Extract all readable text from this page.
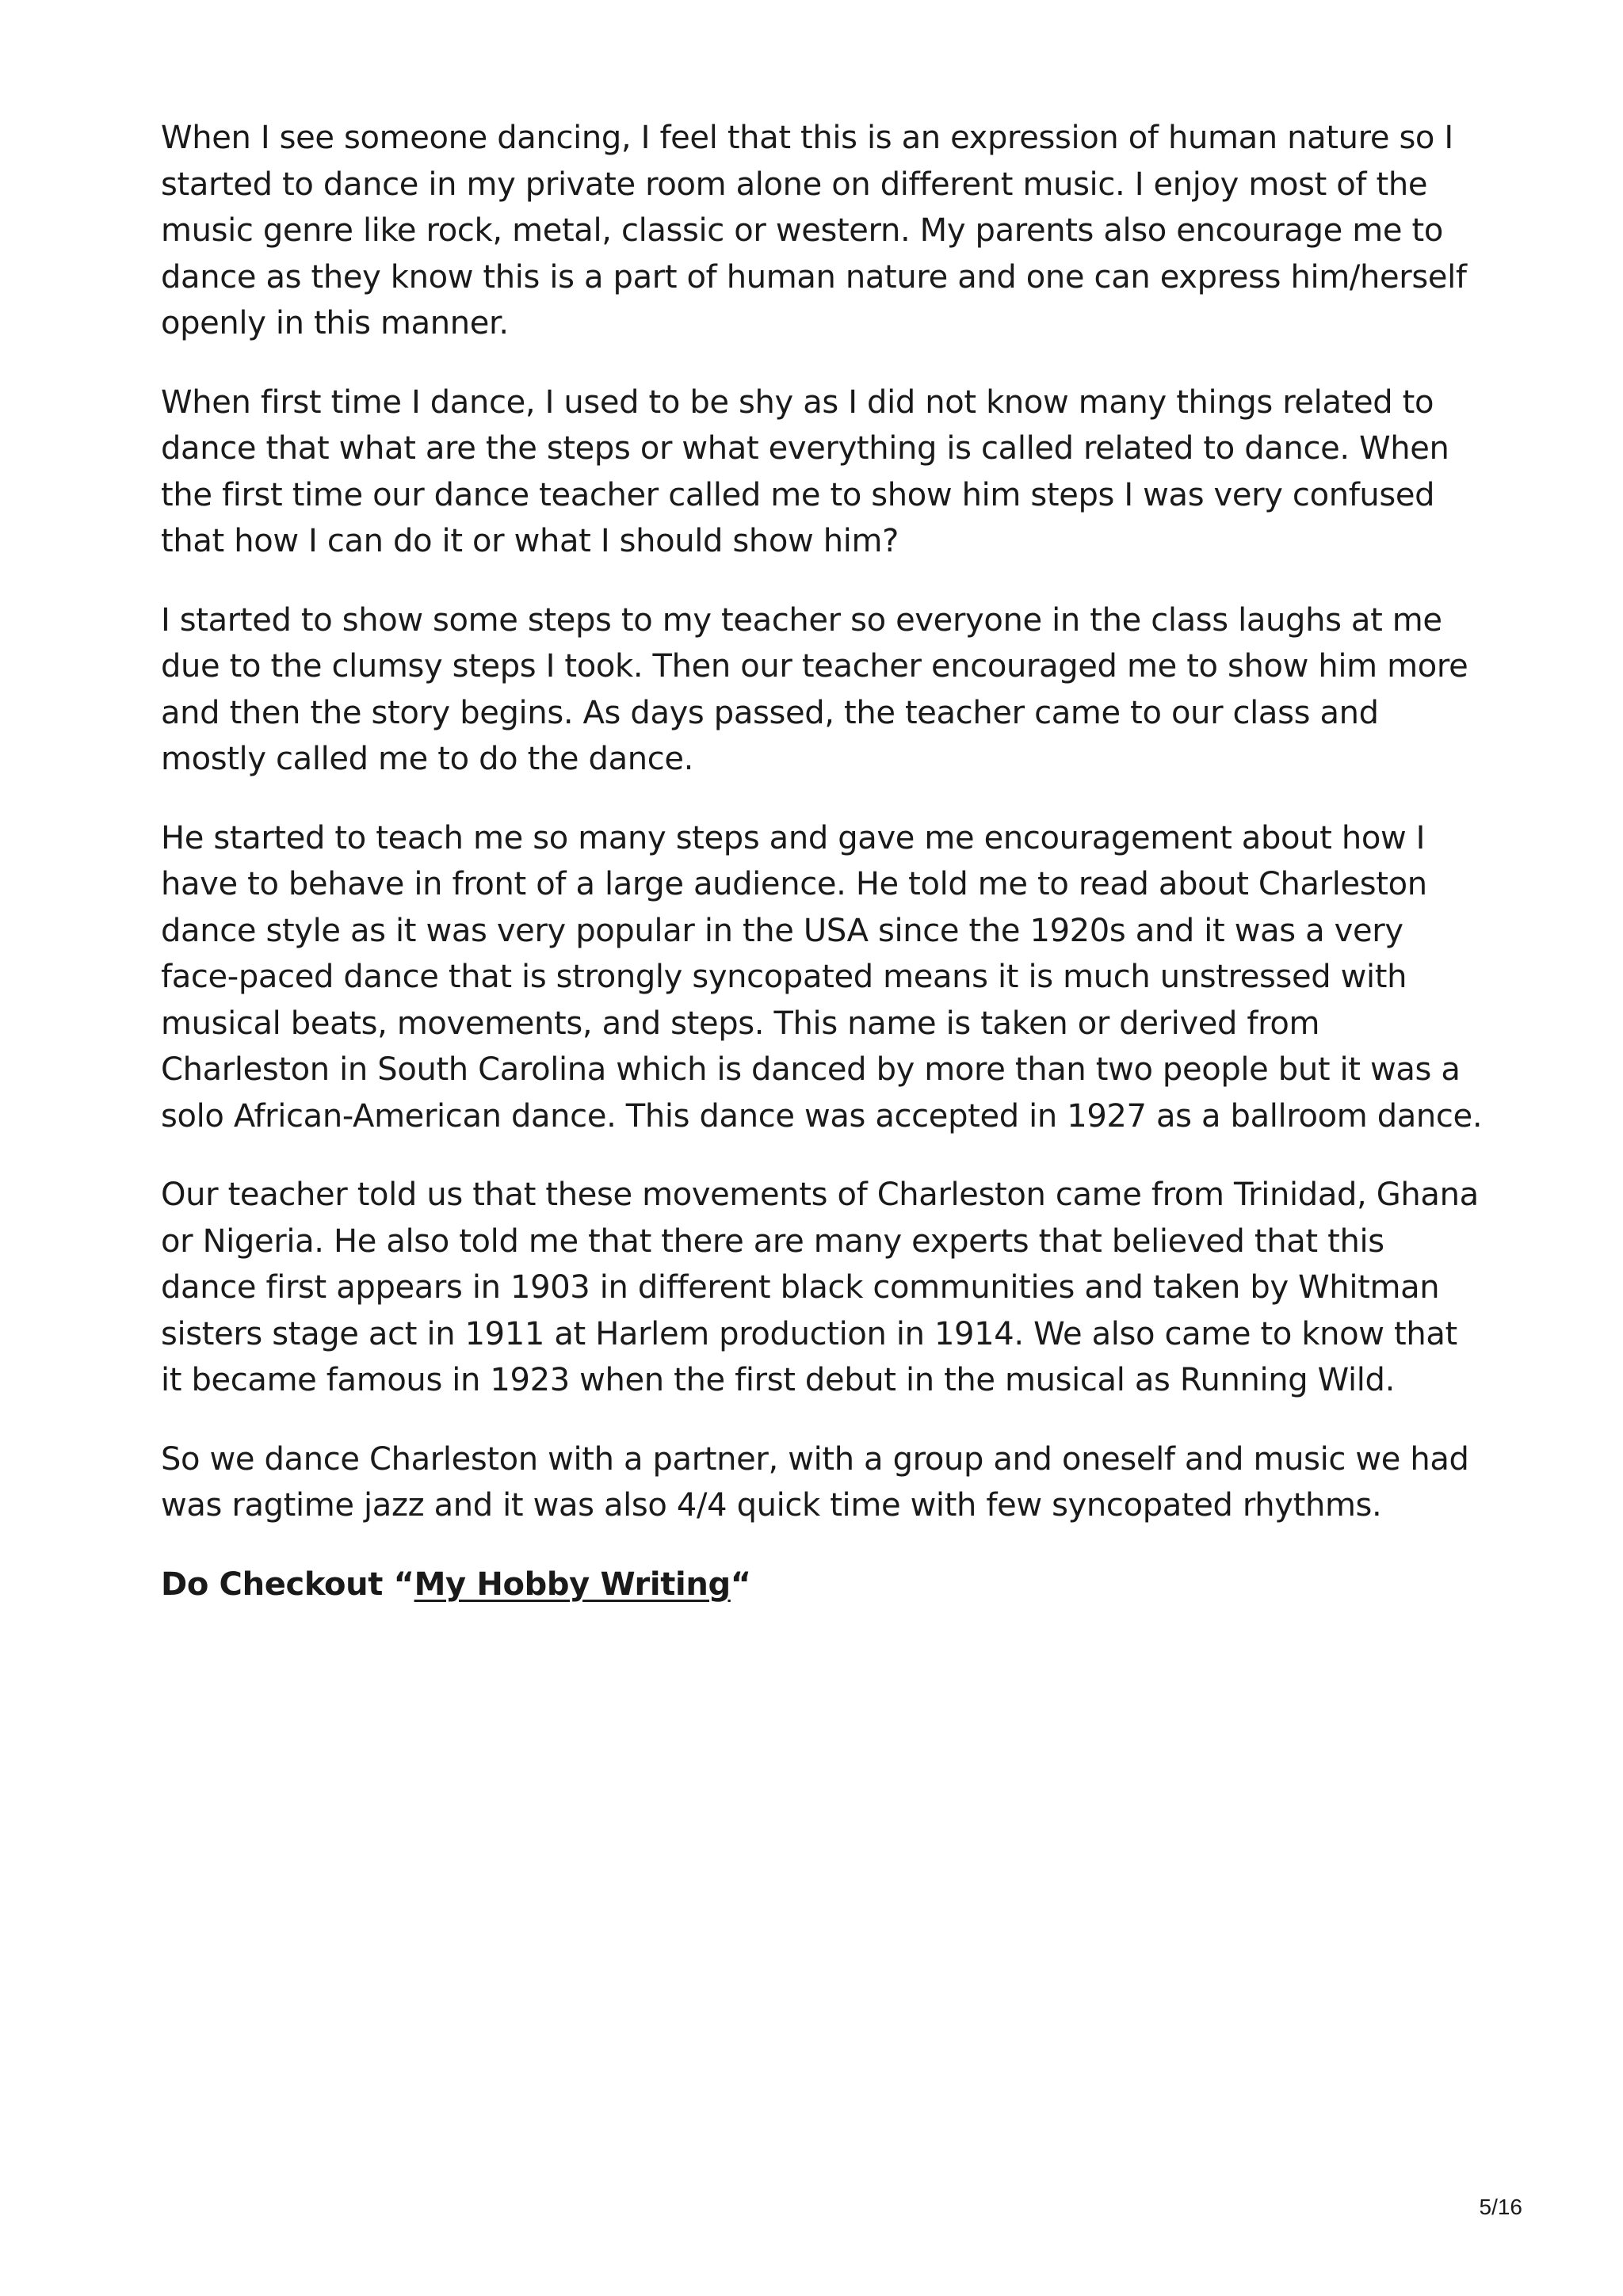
When I see someone dancing, I feel that this is an expression of human nature so I started to dance in my private room alone on different music. I enjoy most of the music genre like rock, metal, classic or western. My parents also encourage me to dance as they know this is a part of human nature and one can express him/herself openly in this manner.

When first time I dance, I used to be shy as I did not know many things related to dance that what are the steps or what everything is called related to dance. When the first time our dance teacher called me to show him steps I was very confused that how I can do it or what I should show him?

I started to show some steps to my teacher so everyone in the class laughs at me due to the clumsy steps I took. Then our teacher encouraged me to show him more and then the story begins. As days passed, the teacher came to our class and mostly called me to do the dance.

He started to teach me so many steps and gave me encouragement about how I have to behave in front of a large audience. He told me to read about Charleston dance style as it was very popular in the USA since the 1920s and it was a very face-paced dance that is strongly syncopated means it is much unstressed with musical beats, movements, and steps. This name is taken or derived from Charleston in South Carolina which is danced by more than two people but it was a solo African-American dance. This dance was accepted in 1927 as a ballroom dance.

Our teacher told us that these movements of Charleston came from Trinidad, Ghana or Nigeria. He also told me that there are many experts that believed that this dance first appears in 1903 in different black communities and taken by Whitman sisters stage act in 1911 at Harlem production in 1914. We also came to know that it became famous in 1923 when the first debut in the musical as Running Wild.

So we dance Charleston with a partner, with a group and oneself and music we had was ragtime jazz and it was also 4/4 quick time with few syncopated rhythms.

Do Checkout “My Hobby Writing“

5/16
